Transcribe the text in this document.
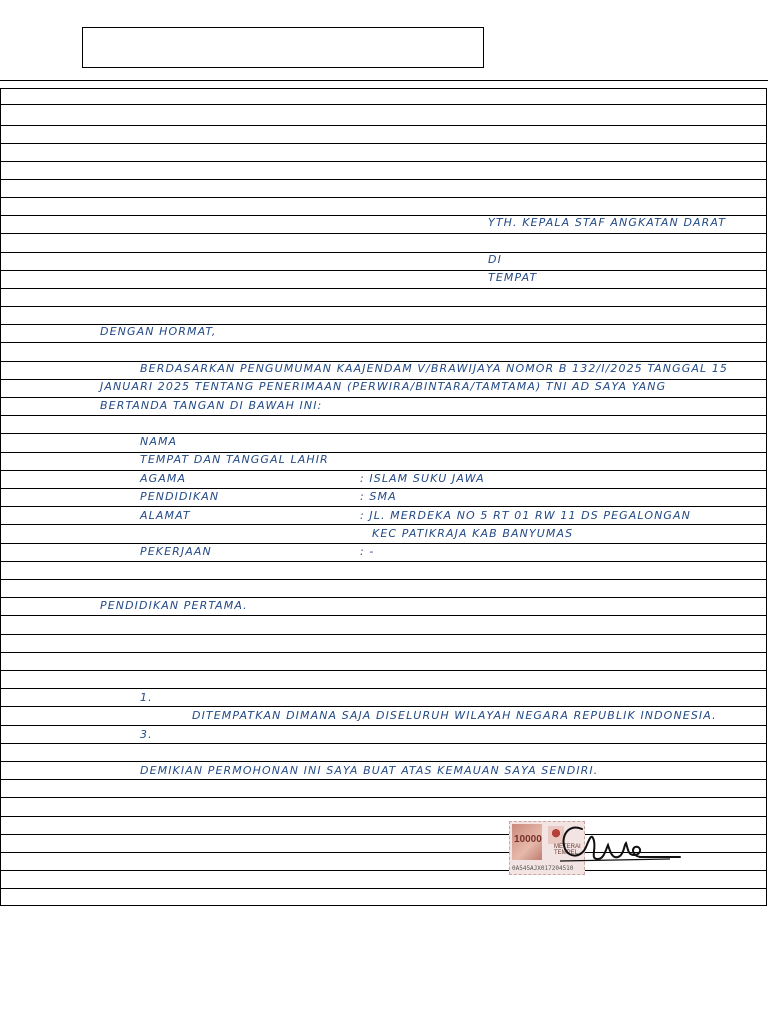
YTH. KEPALA STAF ANGKATAN DARAT
DI
TEMPAT
DENGAN HORMAT,
BERDASARKAN PENGUMUMAN KAAJENDAM V/BRAWIJAYA NOMOR B 132/I/2025 TANGGAL 15
JANUARI 2025 TENTANG PENERIMAAN (PERWIRA/BINTARA/TAMTAMA) TNI AD SAYA YANG
BERTANDA TANGAN DI BAWAH INI:
NAMA
TEMPAT DAN TANGGAL LAHIR
AGAMA	: ISLAM SUKU JAWA
PENDIDIKAN	: SMA
ALAMAT	: JL. MERDEKA NO 5 RT 01 RW 11 DS PEGALONGAN
KEC PATIKRAJA KAB BANYUMAS
PEKERJAAN	: -
PENDIDIKAN PERTAMA.
1.
DITEMPATKAN DIMANA SAJA DISELURUH WILAYAH NEGARA REPUBLIK INDONESIA.
3.
DEMIKIAN PERMOHONAN INI SAYA BUAT ATAS KEMAUAN SAYA SENDIRI.
10000
METERAI TEMPEL
0A545AJX017204510
